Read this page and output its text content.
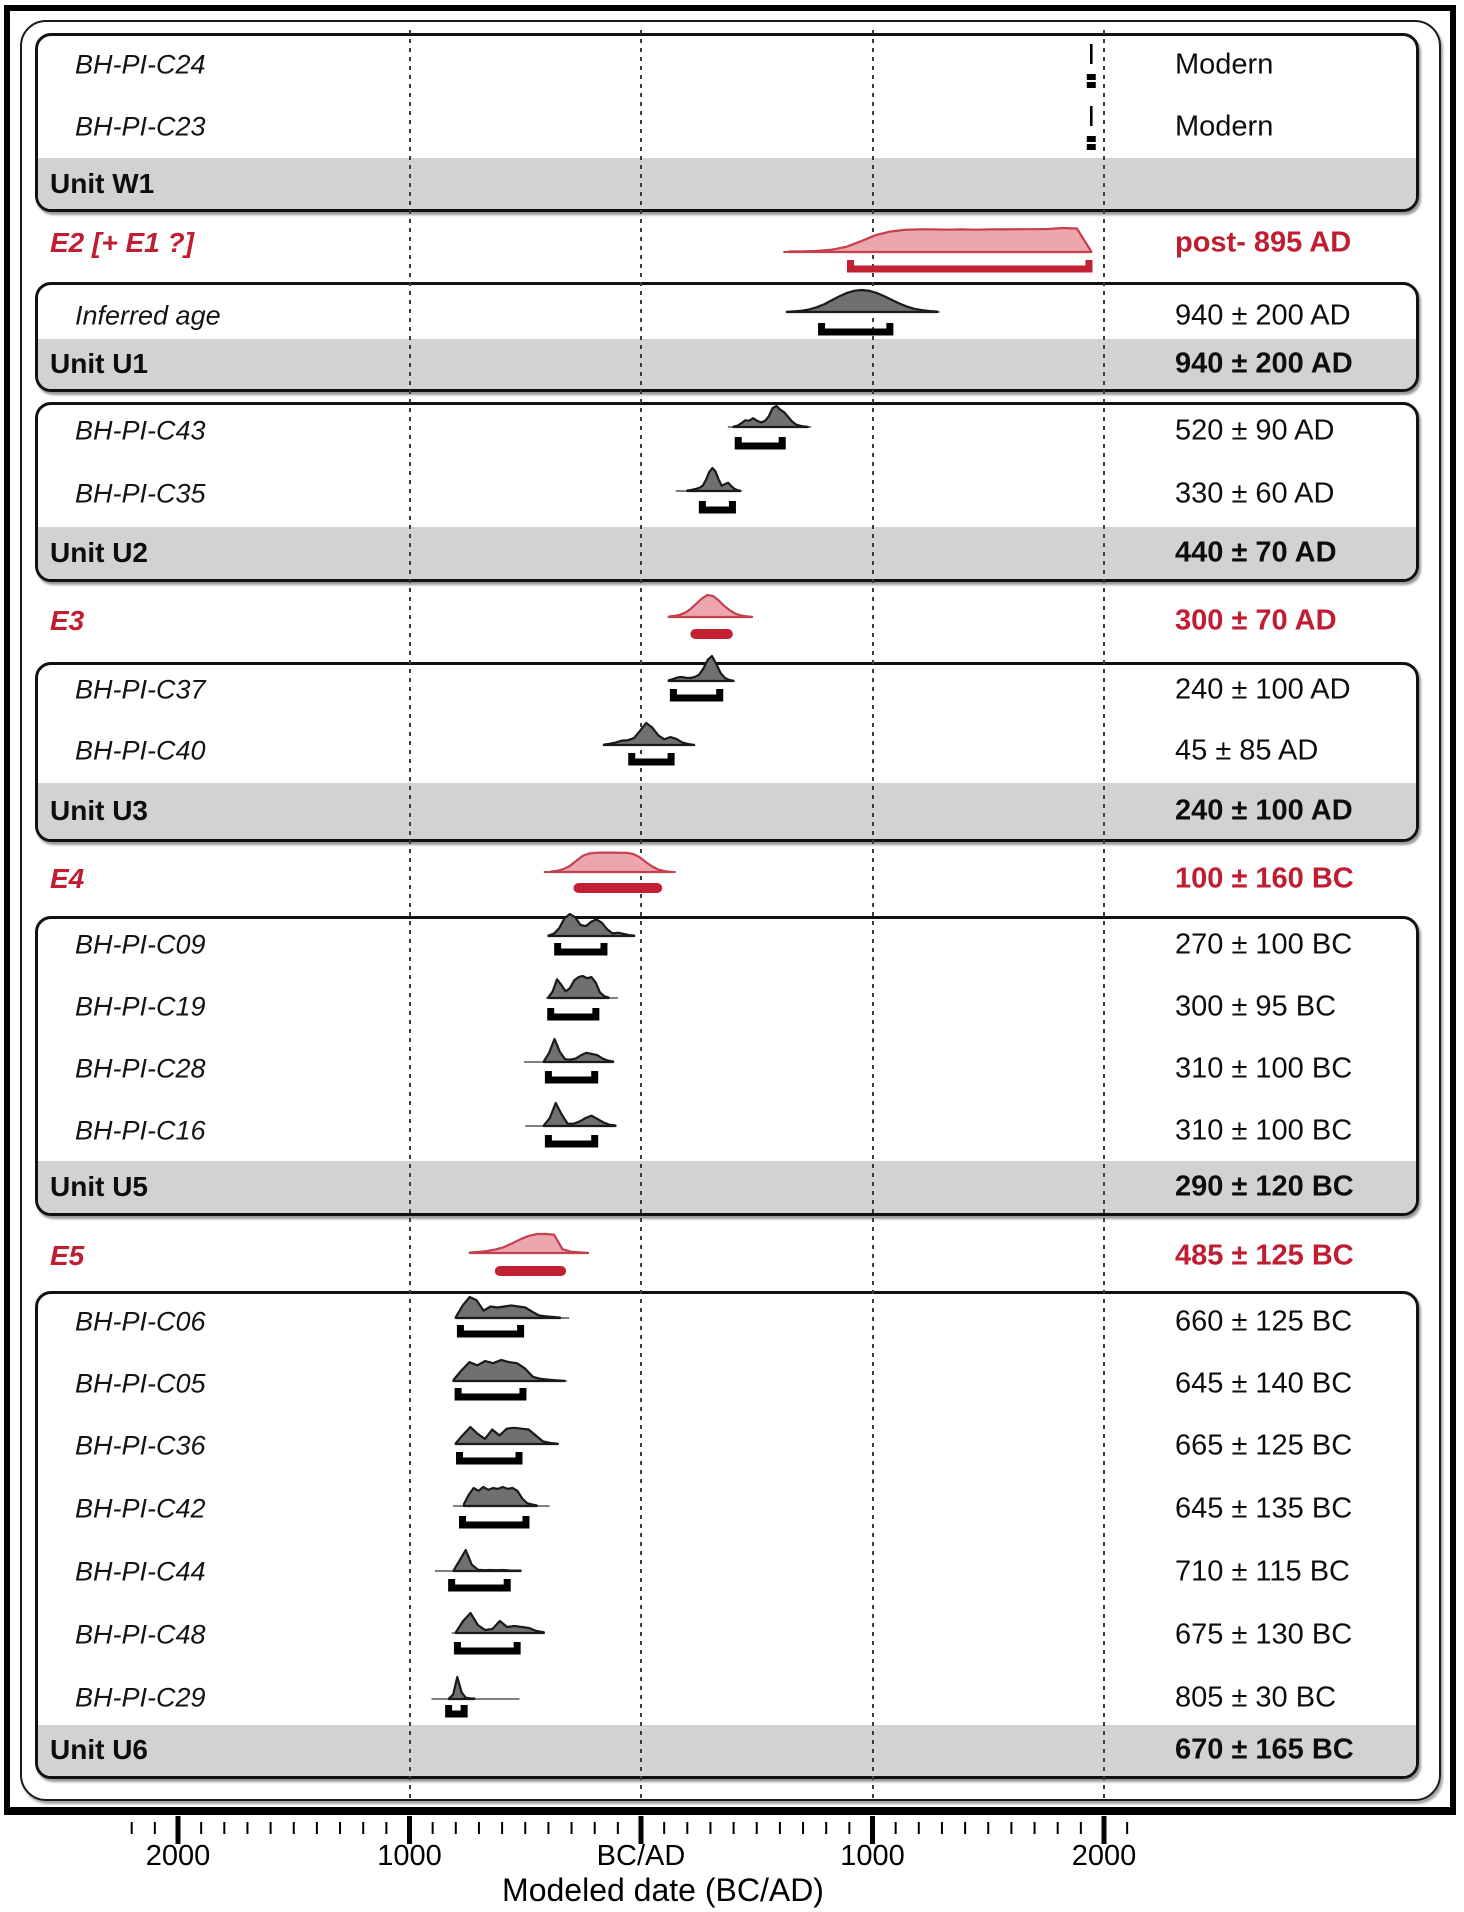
Unit W1
BH-PI-C24	Modern
BH-PI-C23	Modern
E2 [+ E1 ?]	post- 895 AD
Inferred age	940 ± 200 AD
Unit U1	940 ± 200 AD
BH-PI-C43	520 ± 90 AD
BH-PI-C35	330 ± 60 AD
Unit U2	440 ± 70 AD
E3	300 ± 70 AD
BH-PI-C37	240 ± 100 AD
BH-PI-C40	45 ± 85 AD
Unit U3	240 ± 100 AD
E4	100 ± 160 BC
BH-PI-C09	270 ± 100 BC
BH-PI-C19	300 ± 95 BC
BH-PI-C28	310 ± 100 BC
BH-PI-C16	310 ± 100 BC
Unit U5	290 ± 120 BC
E5	485 ± 125 BC
BH-PI-C06	660 ± 125 BC
BH-PI-C05	645 ± 140 BC
BH-PI-C36	665 ± 125 BC
BH-PI-C42	645 ± 135 BC
BH-PI-C44	710 ± 115 BC
BH-PI-C48	675 ± 130 BC
BH-PI-C29	805 ± 30 BC
Unit U6	670 ± 165 BC
2000	1000	BC/AD	1000	2000
Modeled date (BC/AD)
